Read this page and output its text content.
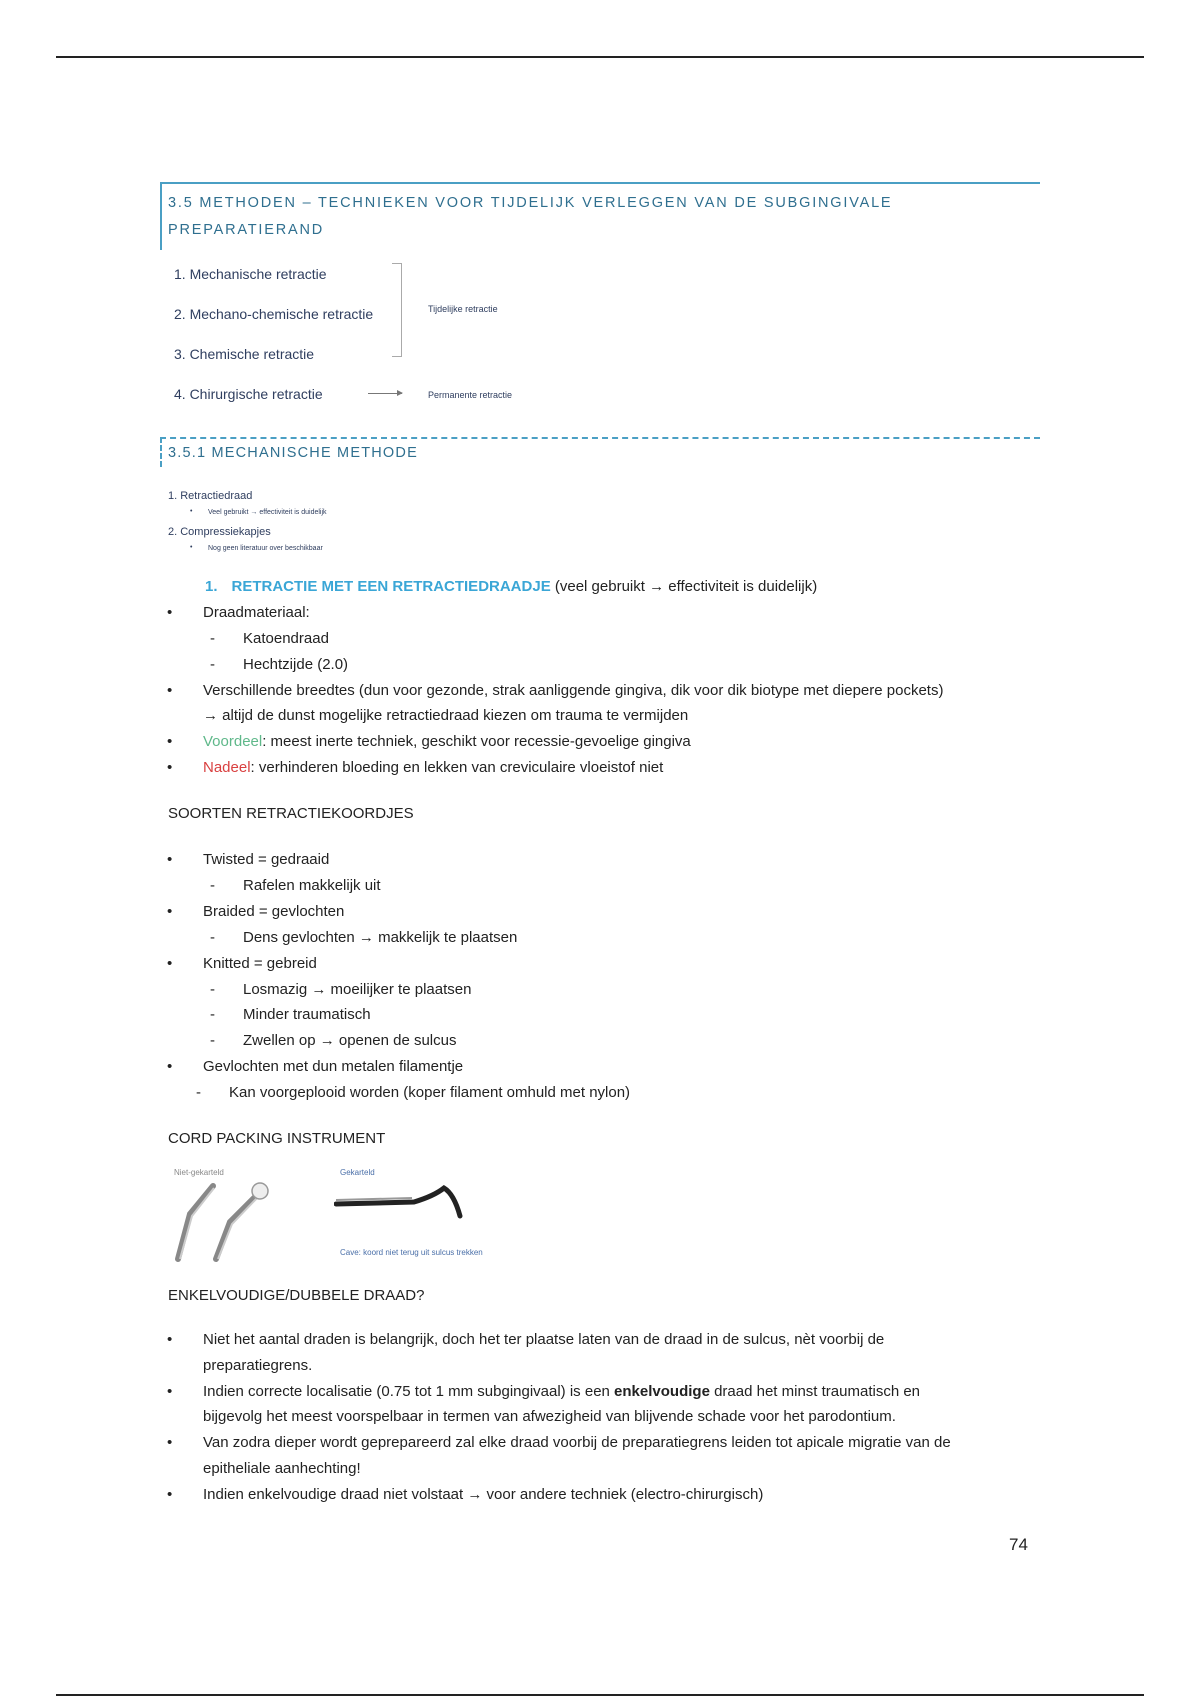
3.5 METHODEN – TECHNIEKEN VOOR TIJDELIJK VERLEGGEN VAN DE SUBGINGIVALE
PREPARATIERAND
1. Mechanische retractie
2. Mechano-chemische retractie
3. Chemische retractie
4. Chirurgische retractie
Tijdelijke retractie
Permanente retractie
3.5.1 MECHANISCHE METHODE
1. Retractiedraad
• Veel gebruikt → effectiviteit is duidelijk
2. Compressiekapjes
• Nog geen literatuur over beschikbaar
1. RETRACTIE MET EEN RETRACTIEDRAADJE (veel gebruikt → effectiviteit is duidelijk)
• Draadmateriaal:
- Katoendraad
- Hechtzijde (2.0)
• Verschillende breedtes (dun voor gezonde, strak aanliggende gingiva, dik voor dik biotype met diepere pockets)
→ altijd de dunst mogelijke retractiedraad kiezen om trauma te vermijden
• Voordeel: meest inerte techniek, geschikt voor recessie-gevoelige gingiva
• Nadeel: verhinderen bloeding en lekken van creviculaire vloeistof niet
SOORTEN RETRACTIEKOORDJES
• Twisted = gedraaid
- Rafelen makkelijk uit
• Braided = gevlochten
- Dens gevlochten → makkelijk te plaatsen
• Knitted = gebreid
- Losmazig → moeilijker te plaatsen
- Minder traumatisch
- Zwellen op → openen de sulcus
• Gevlochten met dun metalen filamentje
- Kan voorgeplooid worden (koper filament omhuld met nylon)
CORD PACKING INSTRUMENT
Niet-gekarteld	Gekarteld
Cave: koord niet terug uit sulcus trekken
ENKELVOUDIGE/DUBBELE DRAAD?
• Niet het aantal draden is belangrijk, doch het ter plaatse laten van de draad in de sulcus, nèt voorbij de
preparatiegrens.
• Indien correcte localisatie (0.75 tot 1 mm subgingivaal) is een enkelvoudige draad het minst traumatisch en
bijgevolg het meest voorspelbaar in termen van afwezigheid van blijvende schade voor het parodontium.
• Van zodra dieper wordt geprepareerd zal elke draad voorbij de preparatiegrens leiden tot apicale migratie van de
epitheliale aanhechting!
• Indien enkelvoudige draad niet volstaat → voor andere techniek (electro-chirurgisch)
74
